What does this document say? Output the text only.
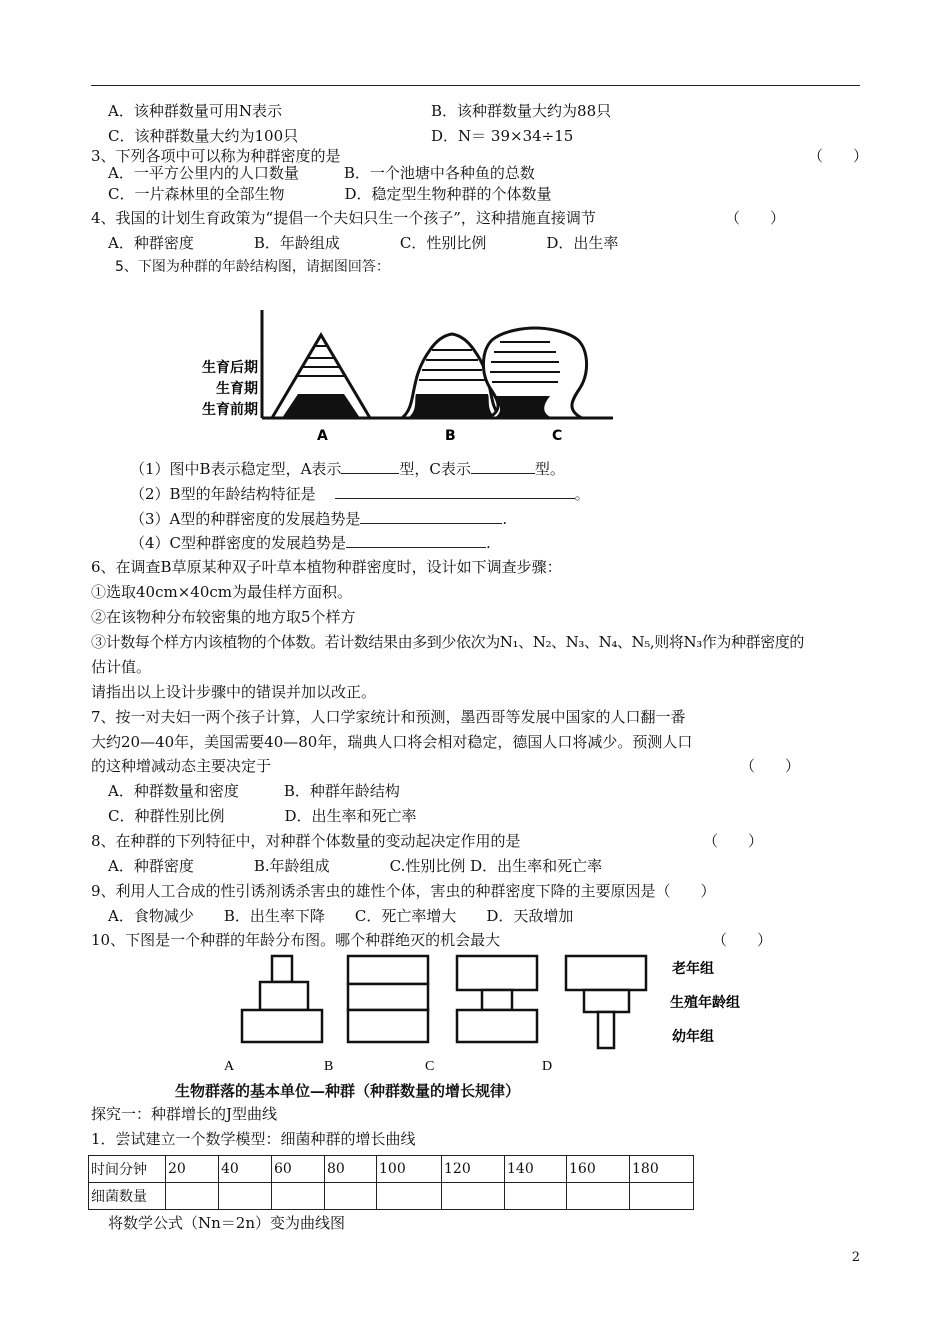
A．该种群数量可用N表示	B．该种群数量大约为88只
C．该种群数量大约为100只	D．N＝ 39×34÷15
3、下列各项中可以称为种群密度的是	（　　）
A．一平方公里内的人口数量　　　B．一个池塘中各种鱼的总数
C．一片森林里的全部生物　　　　D．稳定型生物种群的个体数量
4、我国的计划生育政策为“提倡一个夫妇只生一个孩子”，这种措施直接调节	（　　）
A．种群密度　　　　B．年龄组成　　　　C．性别比例　　　　D．出生率
5、下图为种群的年龄结构图，请据图回答：
生育后期
生育期
生育前期
A	B	C
（1）图中B表示稳定型，A表示	型，C表示	型。
（2）B型的年龄结构特征是	。
（3）A型的种群密度的发展趋势是	.
（4）C型种群密度的发展趋势是	.
6、在调查B草原某种双子叶草本植物种群密度时，设计如下调查步骤：
①选取40cm×40cm为最佳样方面积。
②在该物种分布较密集的地方取5个样方
③计数每个样方内该植物的个体数。若计数结果由多到少依次为N₁、N₂、N₃、N₄、N₅,则将N₃作为种群密度的
估计值。
请指出以上设计步骤中的错误并加以改正。
7、按一对夫妇一两个孩子计算，人口学家统计和预测，墨西哥等发展中国家的人口翻一番
大约20—40年，美国需要40—80年，瑞典人口将会相对稳定，德国人口将减少。预测人口
的这种增减动态主要决定于	（　　）
A．种群数量和密度　　　B．种群年龄结构
C．种群性别比例　　　　D．出生率和死亡率
8、在种群的下列特征中，对种群个体数量的变动起决定作用的是	（　　）
A．种群密度　　　　B.年龄组成　　　　C.性别比例 D．出生率和死亡率
9、利用人工合成的性引诱剂诱杀害虫的雄性个体，害虫的种群密度下降的主要原因是（　　）
A．食物减少　　B．出生率下降　　C．死亡率增大　　D．天敌增加
10、下图是一个种群的年龄分布图。哪个种群绝灭的机会最大	（　　）
A	B	C	D
老年组
生殖年龄组
幼年组
生物群落的基本单位—种群（种群数量的增长规律）
探究一：种群增长的J型曲线
1．尝试建立一个数学模型：细菌种群的增长曲线
时间分钟	20	40	60	80	100	120	140	160	180
细菌数量									
将数学公式（Nn＝2n）变为曲线图
2
